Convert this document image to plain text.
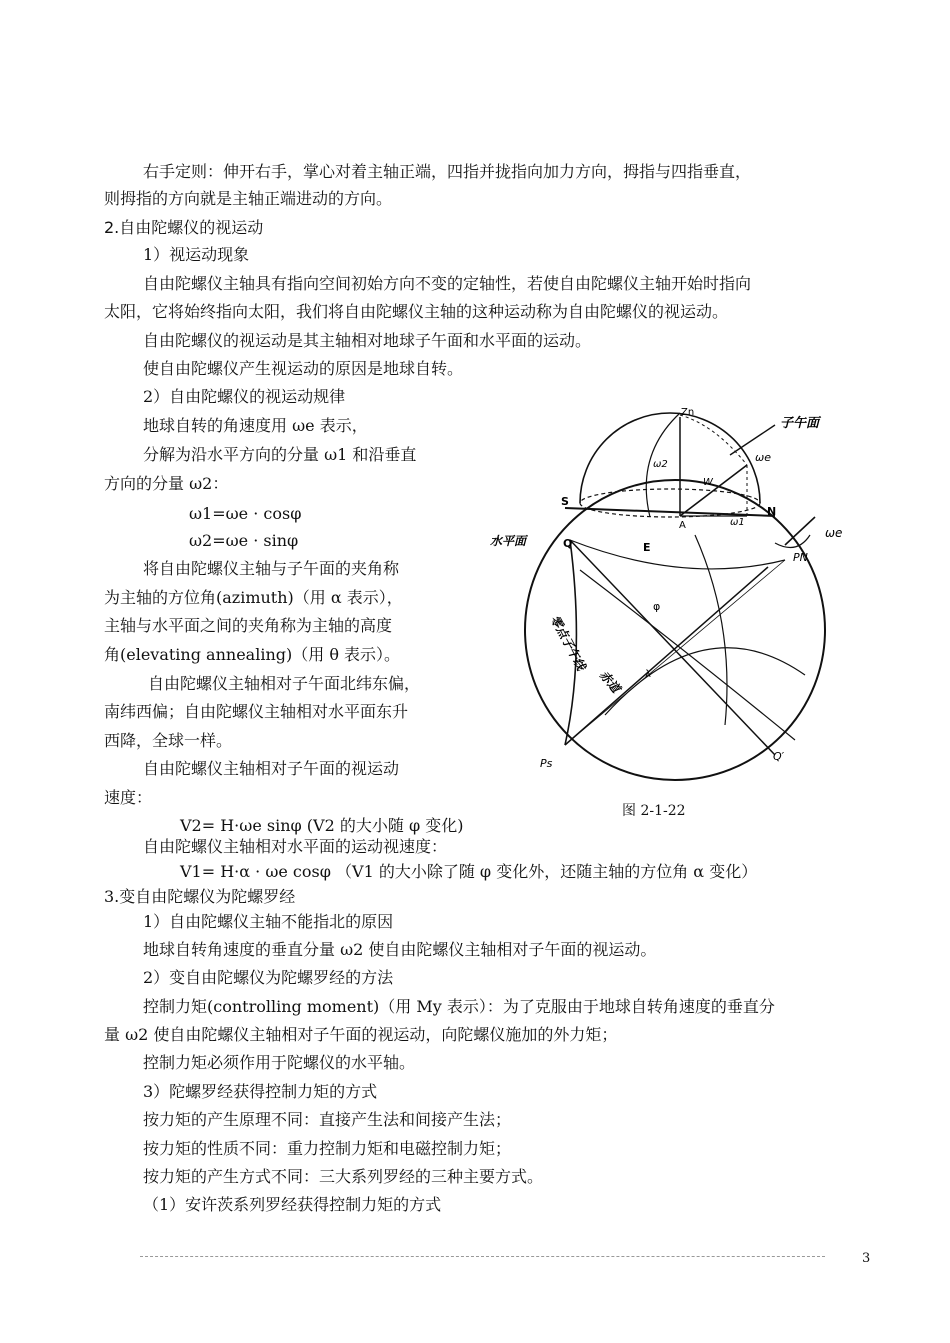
右手定则：伸开右手，掌心对着主轴正端，四指并拢指向加力方向，拇指与四指垂直，
则拇指的方向就是主轴正端进动的方向。
2.自由陀螺仪的视运动
1）视运动现象
自由陀螺仪主轴具有指向空间初始方向不变的定轴性，若使自由陀螺仪主轴开始时指向
太阳，它将始终指向太阳，我们将自由陀螺仪主轴的这种运动称为自由陀螺仪的视运动。
自由陀螺仪的视运动是其主轴相对地球子午面和水平面的运动。
使自由陀螺仪产生视运动的原因是地球自转。
2）自由陀螺仪的视运动规律
地球自转的角速度用 ωe 表示，
分解为沿水平方向的分量 ω1 和沿垂直
方向的分量 ω2：
ω1=ωe · cosφ
ω2=ωe · sinφ
将自由陀螺仪主轴与子午面的夹角称
为主轴的方位角(azimuth)（用 α 表示），
主轴与水平面之间的夹角称为主轴的高度
角(elevating annealing)（用 θ 表示）。
自由陀螺仪主轴相对子午面北纬东偏，
南纬西偏；自由陀螺仪主轴相对水平面东升
西降，全球一样。
自由陀螺仪主轴相对子午面的视运动
速度：
V2= H·ωe sinφ (V2 的大小随 φ 变化)
自由陀螺仪主轴相对水平面的运动视速度：
V1= H·α · ωe cosφ （V1 的大小除了随 φ 变化外，还随主轴的方位角 α 变化）
3.变自由陀螺仪为陀螺罗经
1）自由陀螺仪主轴不能指北的原因
地球自转角速度的垂直分量 ω2 使自由陀螺仪主轴相对子午面的视运动。
2）变自由陀螺仪为陀螺罗经的方法
控制力矩(controlling moment)（用 My 表示）：为了克服由于地球自转角速度的垂直分
量 ω2 使自由陀螺仪主轴相对子午面的视运动，向陀螺仪施加的外力矩；
控制力矩必须作用于陀螺仪的水平轴。
3）陀螺罗经获得控制力矩的方式
按力矩的产生原理不同：直接产生法和间接产生法；
按力矩的性质不同：重力控制力矩和电磁控制力矩；
按力矩的产生方式不同：三大系列罗经的三种主要方式。
（1）安许茨系列罗经获得控制力矩的方式
Zn
子午面
ωe
ω2
W
S
N
A	ω1
E
水平面	Q
ωe
PN
φ
零点子午线
赤道 λ
Ps
Q′
图 2-1-22
3
